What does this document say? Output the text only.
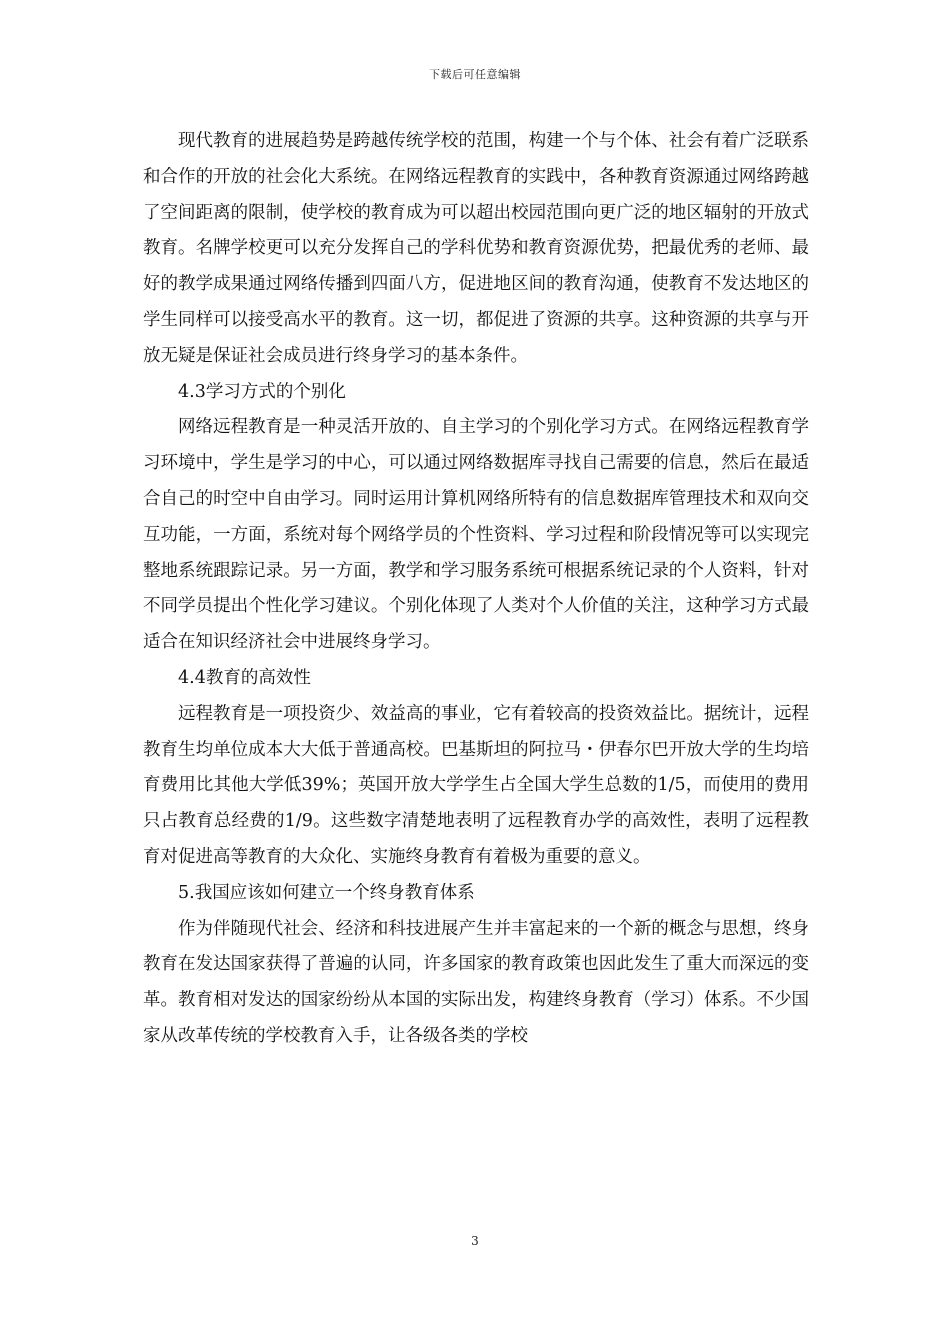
下载后可任意编辑

现代教育的进展趋势是跨越传统学校的范围，构建一个与个体、社会有着广泛联系和合作的开放的社会化大系统。在网络远程教育的实践中，各种教育资源通过网络跨越了空间距离的限制，使学校的教育成为可以超出校园范围向更广泛的地区辐射的开放式教育。名牌学校更可以充分发挥自己的学科优势和教育资源优势，把最优秀的老师、最好的教学成果通过网络传播到四面八方，促进地区间的教育沟通，使教育不发达地区的学生同样可以接受高水平的教育。这一切，都促进了资源的共享。这种资源的共享与开放无疑是保证社会成员进行终身学习的基本条件。

4.3学习方式的个别化

网络远程教育是一种灵活开放的、自主学习的个别化学习方式。在网络远程教育学习环境中，学生是学习的中心，可以通过网络数据库寻找自己需要的信息，然后在最适合自己的时空中自由学习。同时运用计算机网络所特有的信息数据库管理技术和双向交互功能，一方面，系统对每个网络学员的个性资料、学习过程和阶段情况等可以实现完整地系统跟踪记录。另一方面，教学和学习服务系统可根据系统记录的个人资料，针对不同学员提出个性化学习建议。个别化体现了人类对个人价值的关注，这种学习方式最适合在知识经济社会中进展终身学习。

4.4教育的高效性

远程教育是一项投资少、效益高的事业，它有着较高的投资效益比。据统计，远程教育生均单位成本大大低于普通高校。巴基斯坦的阿拉马・伊春尔巴开放大学的生均培育费用比其他大学低39%；英国开放大学学生占全国大学生总数的1/5，而使用的费用只占教育总经费的1/9。这些数字清楚地表明了远程教育办学的高效性，表明了远程教育对促进高等教育的大众化、实施终身教育有着极为重要的意义。

5.我国应该如何建立一个终身教育体系

作为伴随现代社会、经济和科技进展产生并丰富起来的一个新的概念与思想，终身教育在发达国家获得了普遍的认同，许多国家的教育政策也因此发生了重大而深远的变革。教育相对发达的国家纷纷从本国的实际出发，构建终身教育（学习）体系。不少国家从改革传统的学校教育入手，让各级各类的学校

3
